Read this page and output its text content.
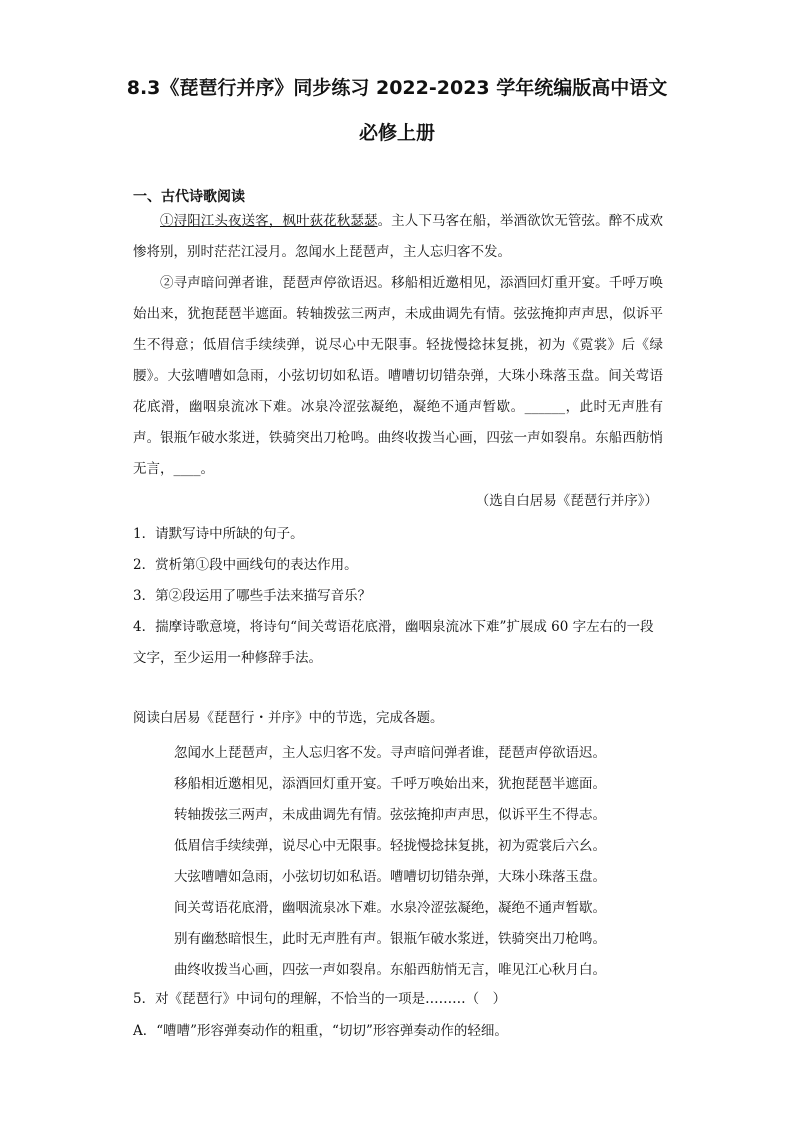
8.3《琵琶行并序》同步练习 2022-2023 学年统编版高中语文
必修上册
一、古代诗歌阅读

①浔阳江头夜送客，枫叶荻花秋瑟瑟。主人下马客在船，举酒欲饮无管弦。醉不成欢惨将别，别时茫茫江浸月。忽闻水上琵琶声，主人忘归客不发。

②寻声暗问弹者谁，琵琶声停欲语迟。移船相近邀相见，添酒回灯重开宴。千呼万唤始出来，犹抱琵琶半遮面。转轴拨弦三两声，未成曲调先有情。弦弦掩抑声声思，似诉平生不得意；低眉信手续续弹，说尽心中无限事。轻拢慢捻抹复挑，初为《霓裳》后《绿腰》。大弦嘈嘈如急雨，小弦切切如私语。嘈嘈切切错杂弹，大珠小珠落玉盘。间关莺语花底滑，幽咽泉流冰下难。冰泉冷涩弦凝绝，凝绝不通声暂歇。______，此时无声胜有声。银瓶乍破水浆迸，铁骑突出刀枪鸣。曲终收拨当心画，四弦一声如裂帛。东船西舫悄无言，____。

（选自白居易《琵琶行并序》）

1．请默写诗中所缺的句子。

2．赏析第①段中画线句的表达作用。

3．第②段运用了哪些手法来描写音乐？

4．揣摩诗歌意境，将诗句“间关莺语花底滑，幽咽泉流冰下难”扩展成 60 字左右的一段文字，至少运用一种修辞手法。

阅读白居易《琵琶行・并序》中的节选，完成各题。
忽闻水上琵琶声，主人忘归客不发。寻声暗问弹者谁，琵琶声停欲语迟。
移船相近邀相见，添酒回灯重开宴。千呼万唤始出来，犹抱琵琶半遮面。
转轴拨弦三两声，未成曲调先有情。弦弦掩抑声声思，似诉平生不得志。
低眉信手续续弹，说尽心中无限事。轻拢慢捻抹复挑，初为霓裳后六幺。
大弦嘈嘈如急雨，小弦切切如私语。嘈嘈切切错杂弹，大珠小珠落玉盘。
间关莺语花底滑，幽咽流泉冰下难。水泉冷涩弦凝绝，凝绝不通声暂歇。
别有幽愁暗恨生，此时无声胜有声。银瓶乍破水浆迸，铁骑突出刀枪鸣。
曲终收拨当心画，四弦一声如裂帛。东船西舫悄无言，唯见江心秋月白。
5．对《琵琶行》中词句的理解，不恰当的一项是………（　）
A．“嘈嘈”形容弹奏动作的粗重，“切切”形容弹奏动作的轻细。
